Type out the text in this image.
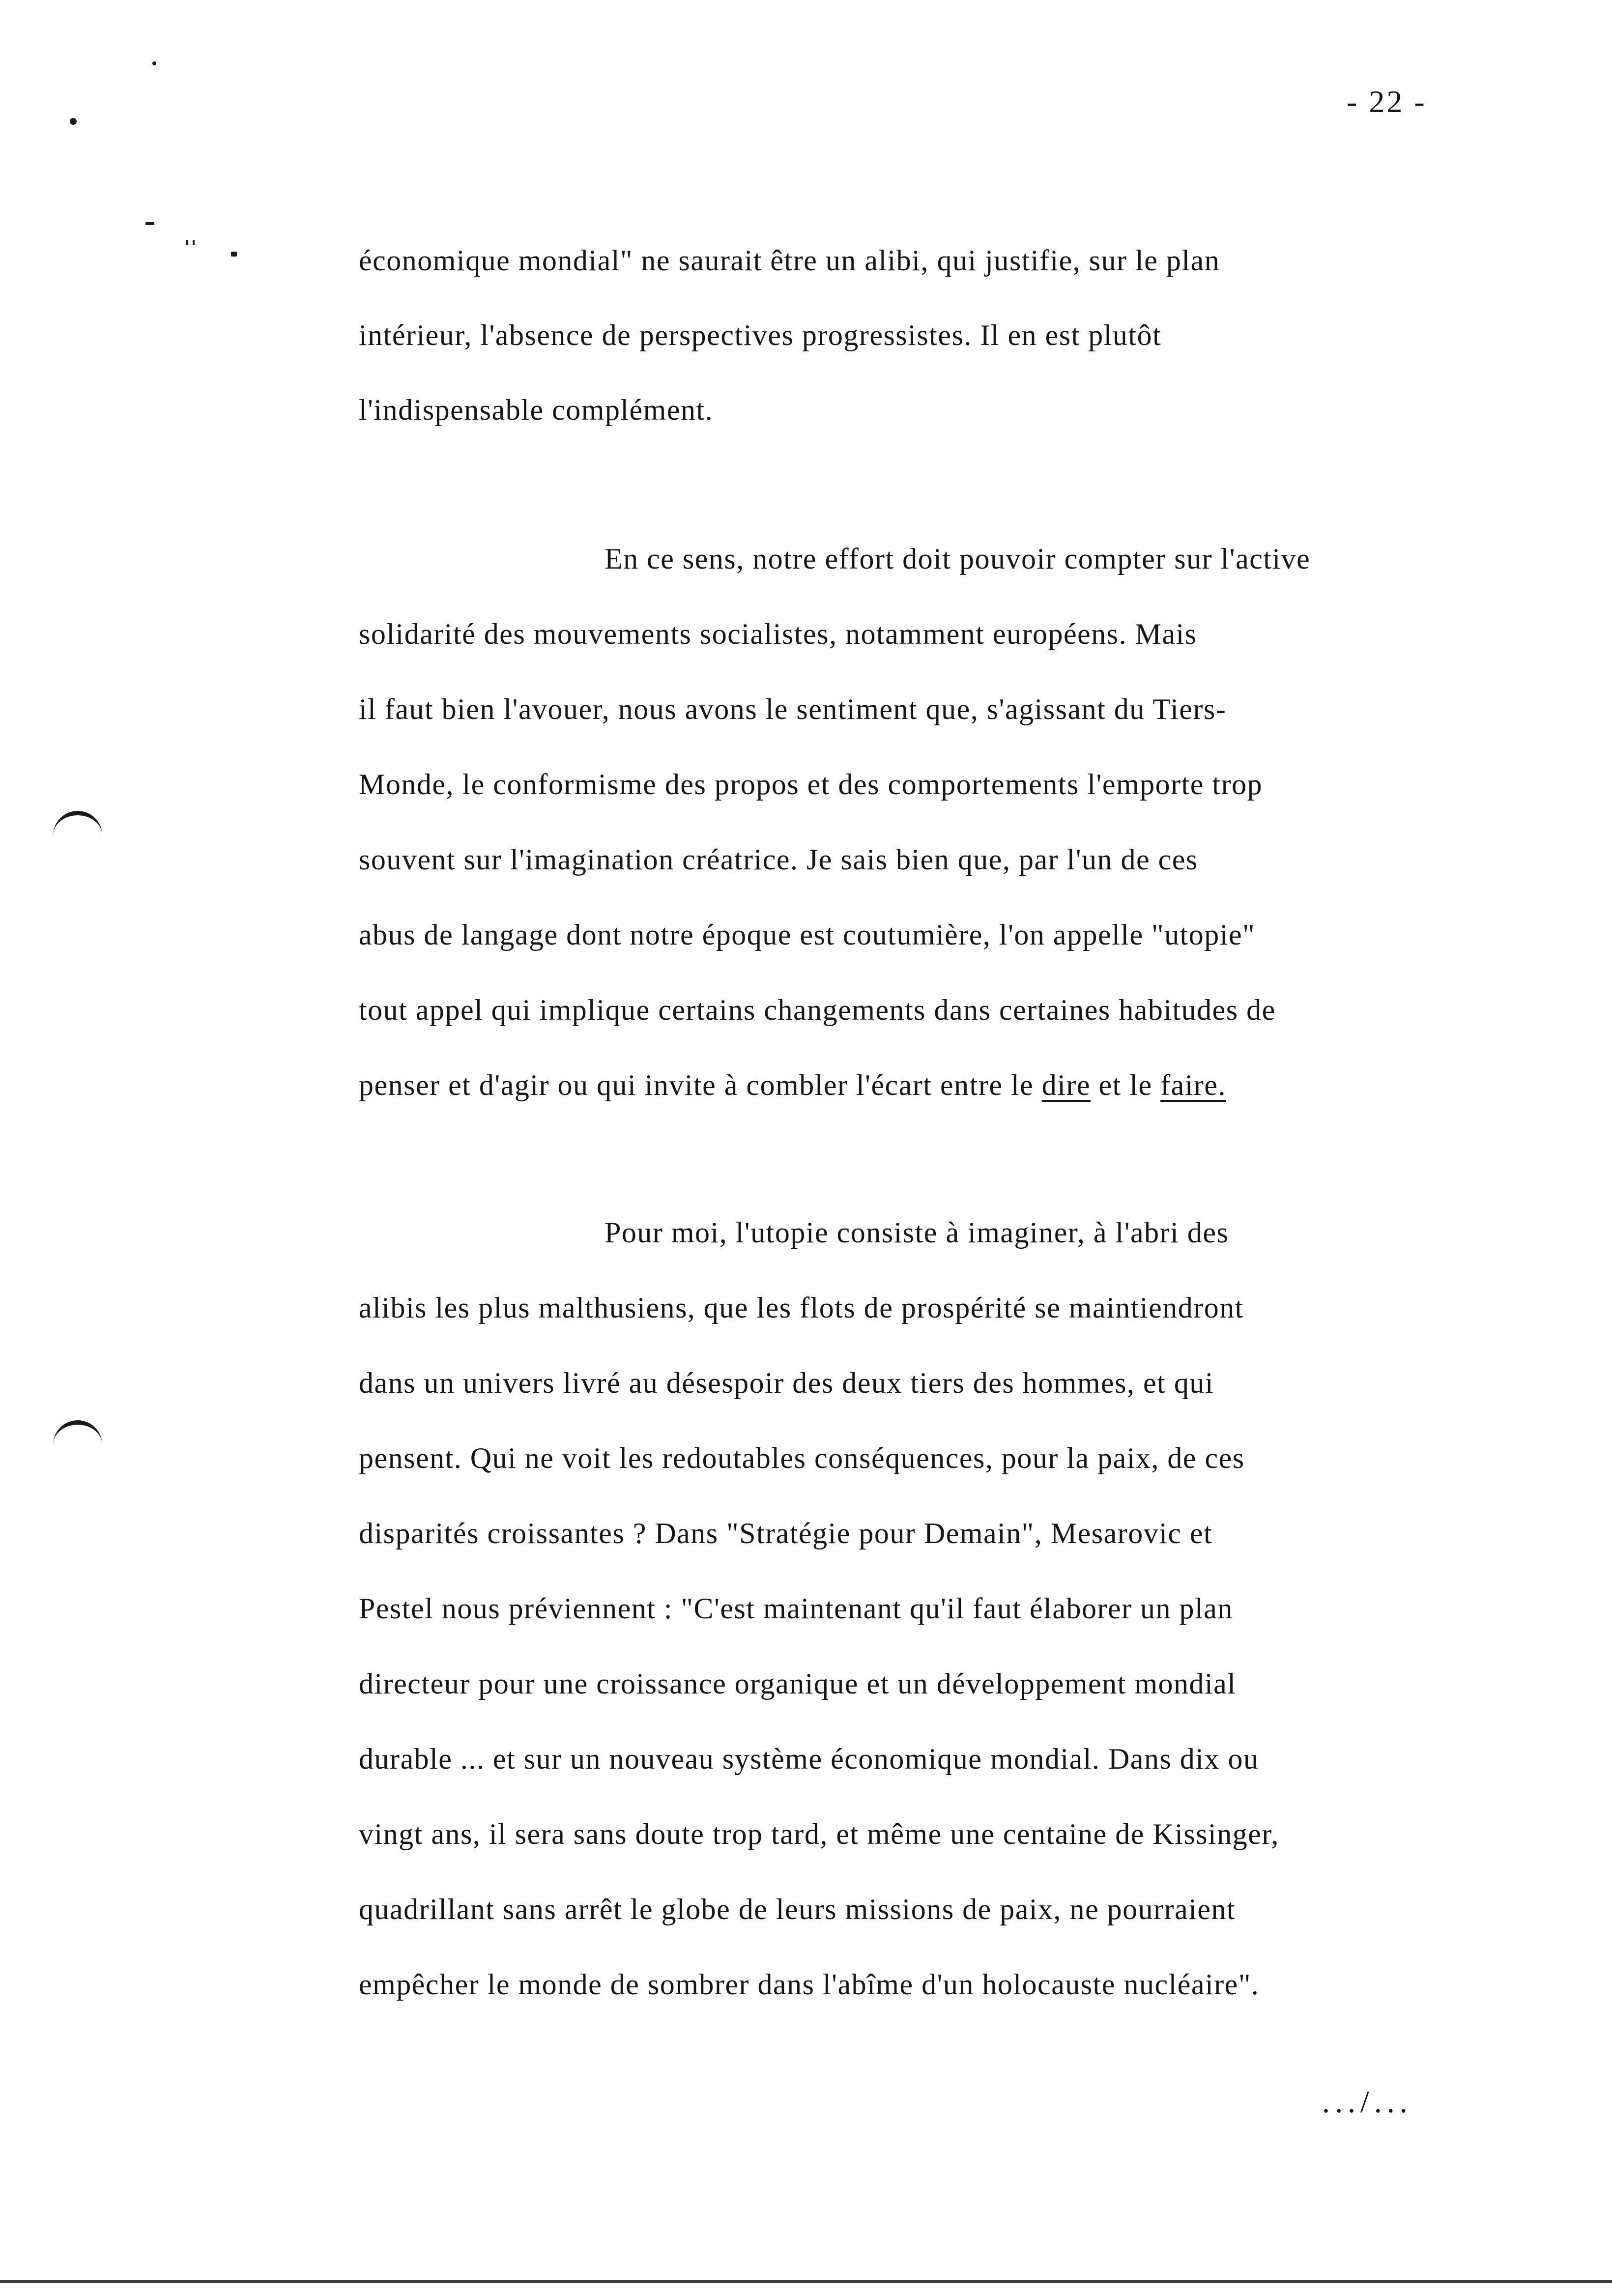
- 22 -
économique mondial" ne saurait être un alibi, qui justifie, sur le plan
intérieur, l'absence de perspectives progressistes. Il en est plutôt
l'indispensable complément.
En ce sens, notre effort doit pouvoir compter sur l'active
solidarité des mouvements socialistes, notamment européens. Mais
il faut bien l'avouer, nous avons le sentiment que, s'agissant du Tiers-
Monde, le conformisme des propos et des comportements l'emporte trop
souvent sur l'imagination créatrice. Je sais bien que, par l'un de ces
abus de langage dont notre époque est coutumière, l'on appelle "utopie"
tout appel qui implique certains changements dans certaines habitudes de
penser et d'agir ou qui invite à combler l'écart entre le dire et le faire.
Pour moi, l'utopie consiste à imaginer, à l'abri des
alibis les plus malthusiens, que les flots de prospérité se maintiendront
dans un univers livré au désespoir des deux tiers des hommes, et qui
pensent. Qui ne voit les redoutables conséquences, pour la paix, de ces
disparités croissantes ? Dans "Stratégie pour Demain", Mesarovic et
Pestel nous préviennent : "C'est maintenant qu'il faut élaborer un plan
directeur pour une croissance organique et un développement mondial
durable ... et sur un nouveau système économique mondial. Dans dix ou
vingt ans, il sera sans doute trop tard, et même une centaine de Kissinger,
quadrillant sans arrêt le globe de leurs missions de paix, ne pourraient
empêcher le monde de sombrer dans l'abîme d'un holocauste nucléaire".
.../...
